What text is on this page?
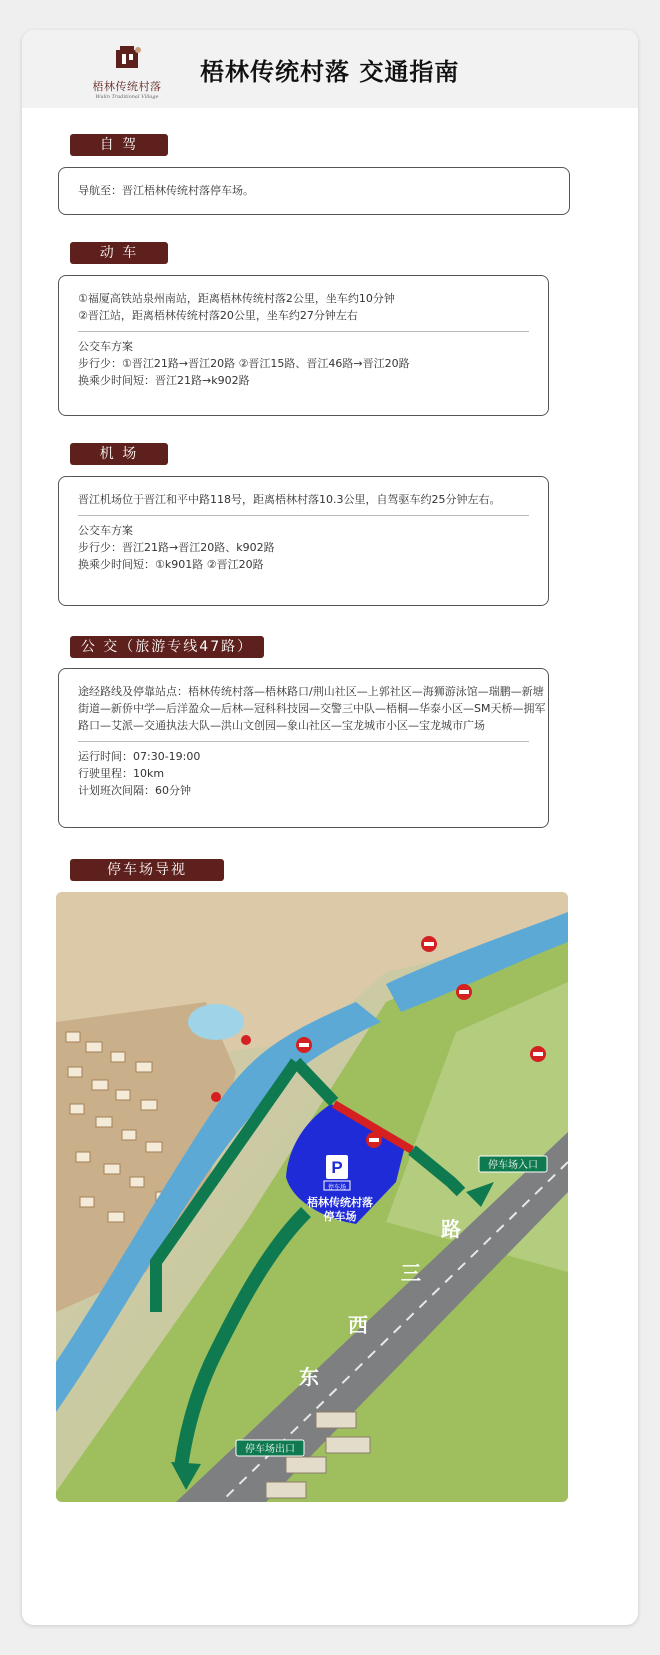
梧林传统村落
Wulin Traditional Village
梧林传统村落 交通指南
自 驾

导航至：晋江梧林传统村落停车场。

动 车

①福厦高铁站泉州南站，距离梧林传统村落2公里，坐车约10分钟

②晋江站，距离梧林传统村落20公里，坐车约27分钟左右

公交车方案

步行少：①晋江21路→晋江20路 ②晋江15路、晋江46路→晋江20路

换乘少时间短：晋江21路→k902路

机 场

晋江机场位于晋江和平中路118号，距离梧林村落10.3公里，自驾驱车约25分钟左右。

公交车方案

步行少：晋江21路→晋江20路、k902路

换乘少时间短：①k901路 ②晋江20路

公 交（旅游专线47路）

途经路线及停靠站点：梧林传统村落—梧林路口/荆山社区—上郭社区—海狮游泳馆—瑞鹏—新塘

街道—新侨中学—后洋盈众—后林—冠科科技园—交警三中队—梧桐—华泰小区—SM天桥—拥军

路口—艾派—交通执法大队—洪山文创园—象山社区—宝龙城市小区—宝龙城市广场

运行时间：07:30-19:00

行驶里程：10km

计划班次间隔：60分钟

停车场导视
P
停车场
梧林传统村落
停车场
停车场入口
停车场出口
东
西
三
路
